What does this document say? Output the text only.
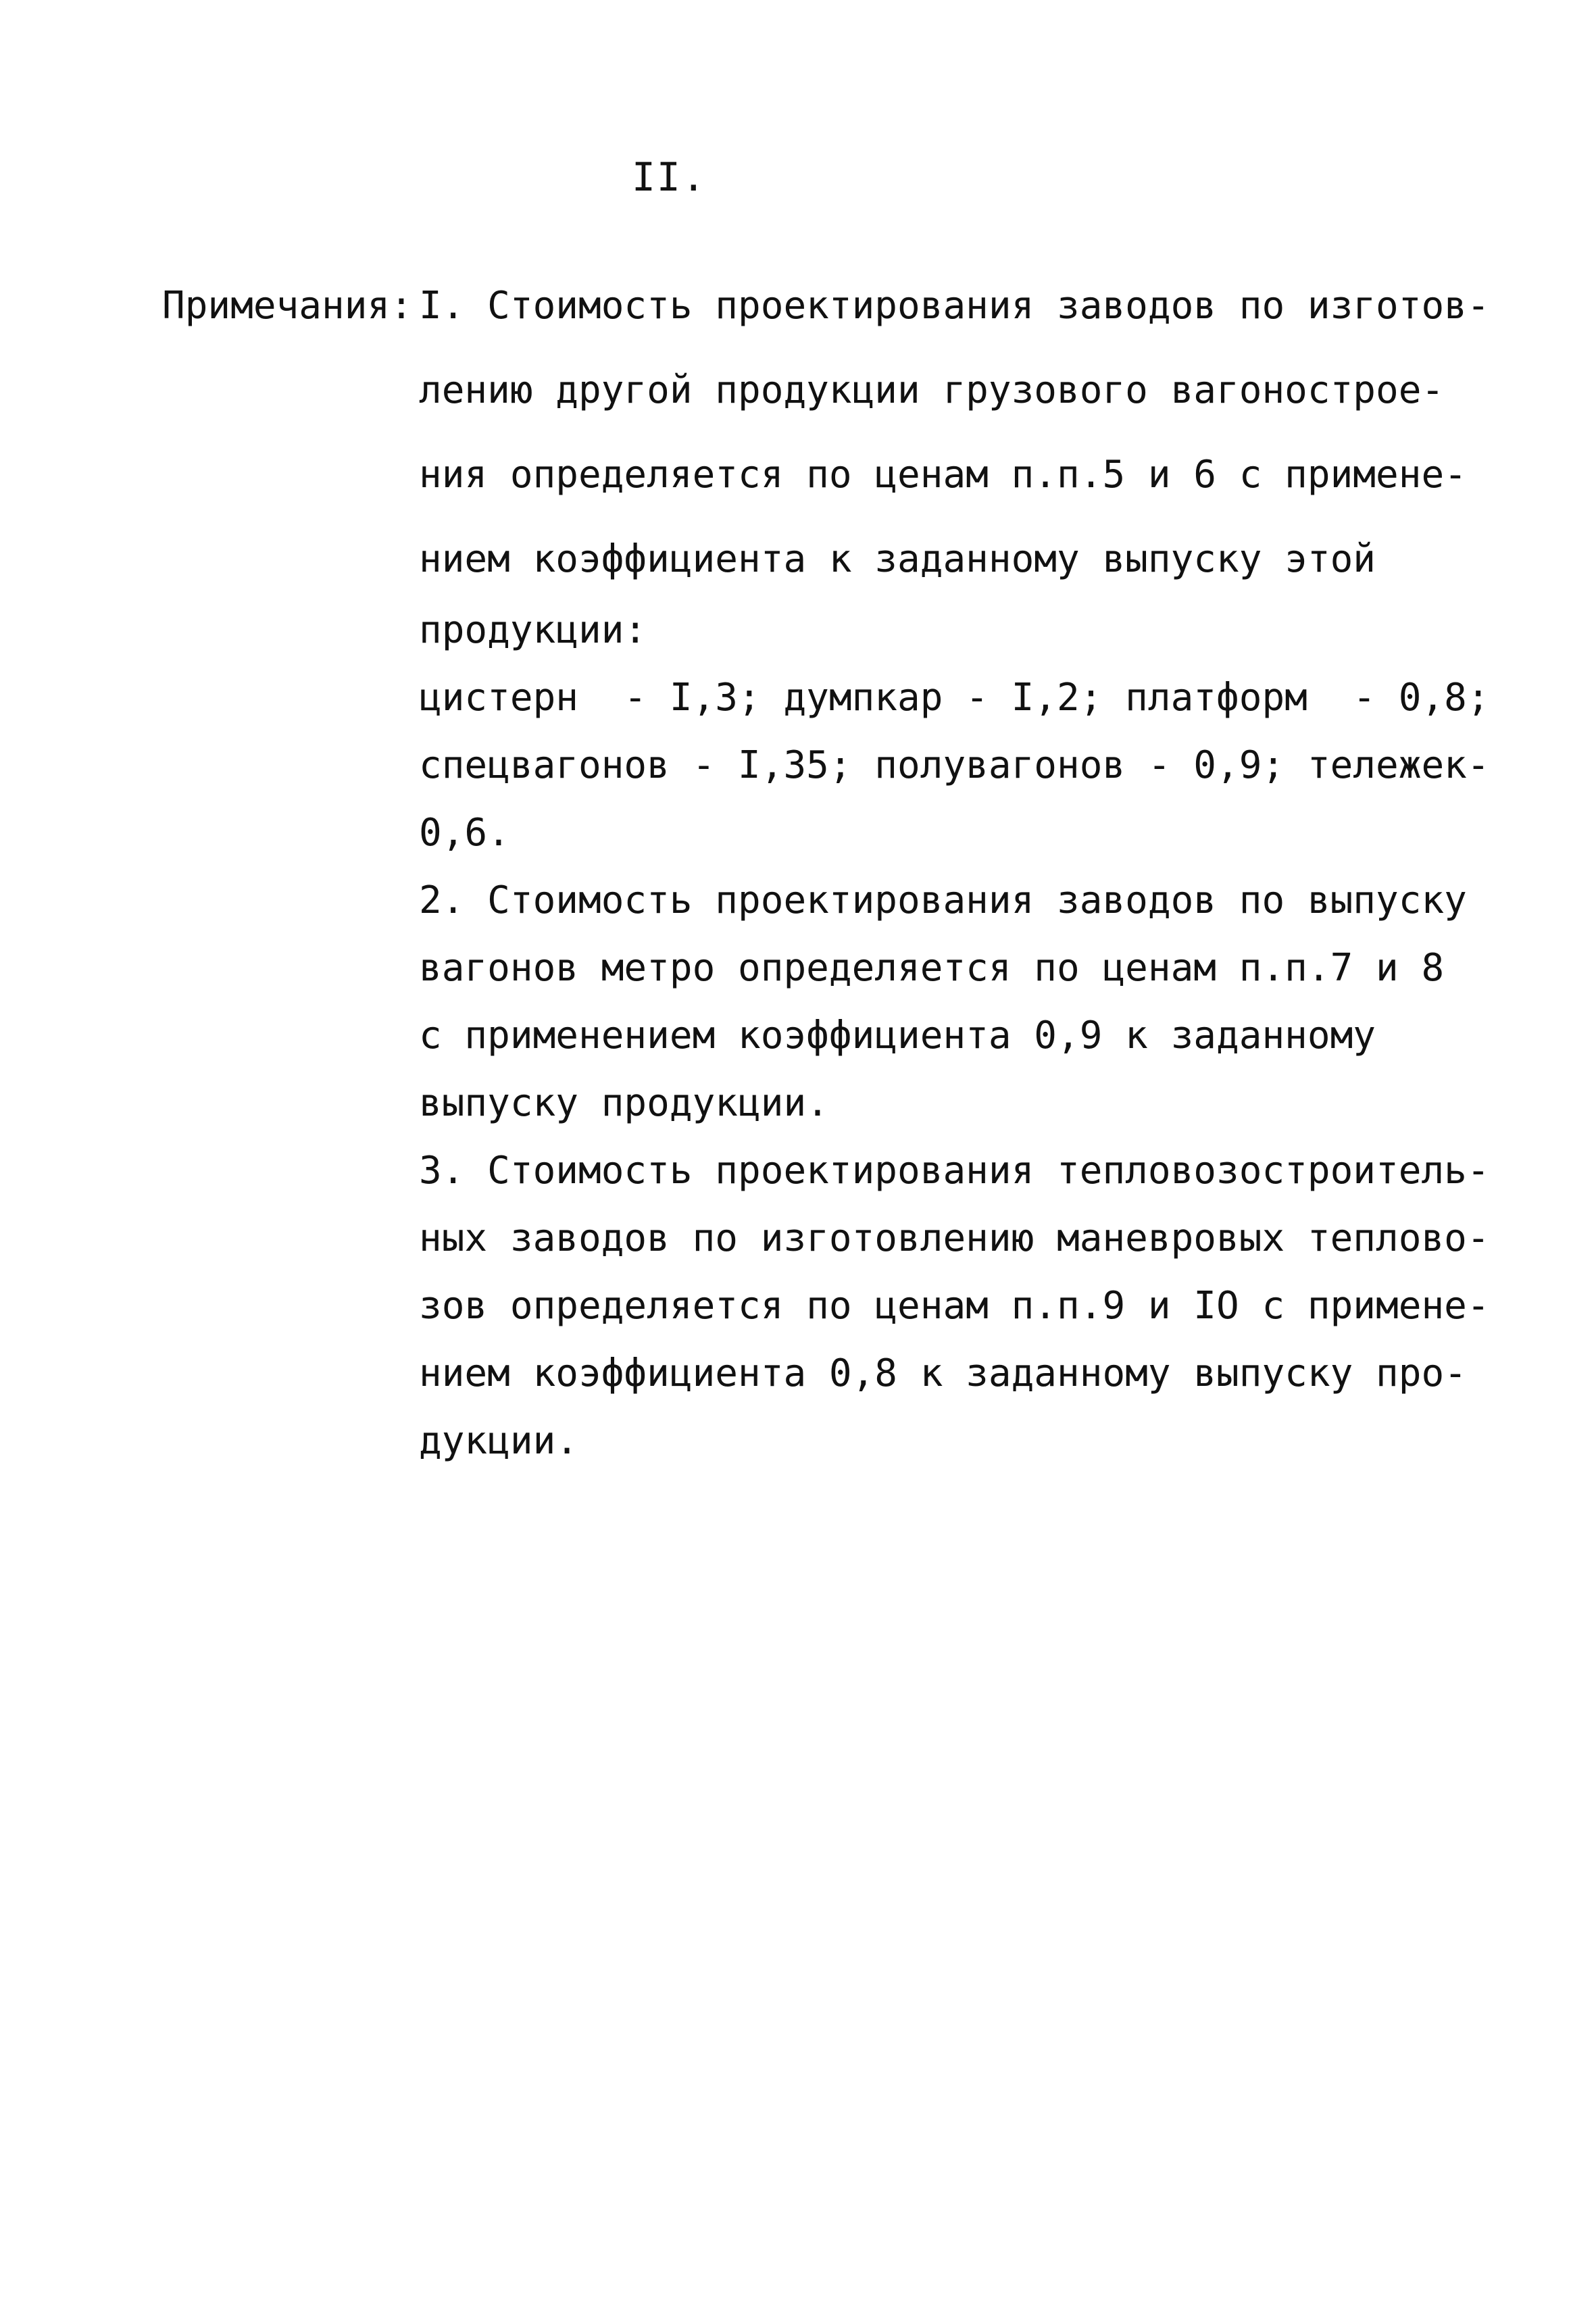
II.
Примечания: I. Стоимость проектирования заводов по изготов-
лению другой продукции грузового вагонострое-
ния определяется по ценам п.п.5 и 6 с примене-
нием коэффициента к заданному выпуску этой
продукции:
цистерн  - I,3; думпкар - I,2; платформ  - 0,8;
спецвагонов - I,35; полувагонов - 0,9; тележек-
0,6.
2. Стоимость проектирования заводов по выпуску
вагонов метро определяется по ценам п.п.7 и 8
с применением коэффициента 0,9 к заданному
выпуску продукции.
3. Стоимость проектирования тепловозостроитель-
ных заводов по изготовлению маневровых теплово-
зов определяется по ценам п.п.9 и IO с примене-
нием коэффициента 0,8 к заданному выпуску про-
дукции.
